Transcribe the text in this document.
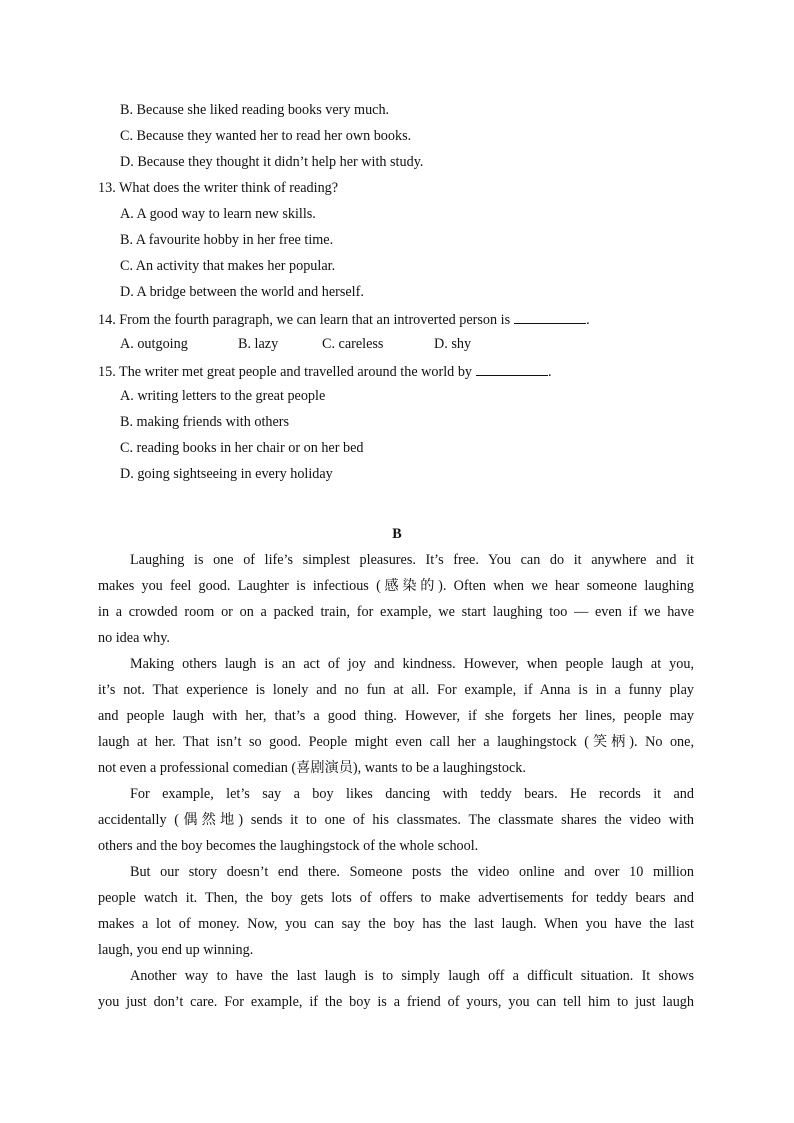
B. Because she liked reading books very much.
C. Because they wanted her to read her own books.
D. Because they thought it didn’t help her with study.
13. What does the writer think of reading?
A. A good way to learn new skills.
B. A favourite hobby in her free time.
C. An activity that makes her popular.
D. A bridge between the world and herself.
14. From the fourth paragraph, we can learn that an introverted person is	.
A. outgoing	B. lazy	C. careless	D. shy
15. The writer met great people and travelled around the world by	.
A. writing letters to the great people
B. making friends with others
C. reading books in her chair or on her bed
D. going sightseeing in every holiday
B
Laughing is one of life’s simplest pleasures. It’s free. You can do it anywhere and it
makes you feel good. Laughter is infectious (感染的). Often when we hear someone laughing
in a crowded room or on a packed train, for example, we start laughing too — even if we have
no idea why.
Making others laugh is an act of joy and kindness. However, when people laugh at you,
it’s not. That experience is lonely and no fun at all. For example, if Anna is in a funny play
and people laugh with her, that’s a good thing. However, if she forgets her lines, people may
laugh at her. That isn’t so good. People might even call her a laughingstock (笑柄). No one,
not even a professional comedian (喜剧演员), wants to be a laughingstock.
For example, let’s say a boy likes dancing with teddy bears. He records it and
accidentally (偶然地) sends it to one of his classmates. The classmate shares the video with
others and the boy becomes the laughingstock of the whole school.
But our story doesn’t end there. Someone posts the video online and over 10 million
people watch it. Then, the boy gets lots of offers to make advertisements for teddy bears and
makes a lot of money. Now, you can say the boy has the last laugh. When you have the last
laugh, you end up winning.
Another way to have the last laugh is to simply laugh off a difficult situation. It shows
you just don’t care. For example, if the boy is a friend of yours, you can tell him to just laugh
